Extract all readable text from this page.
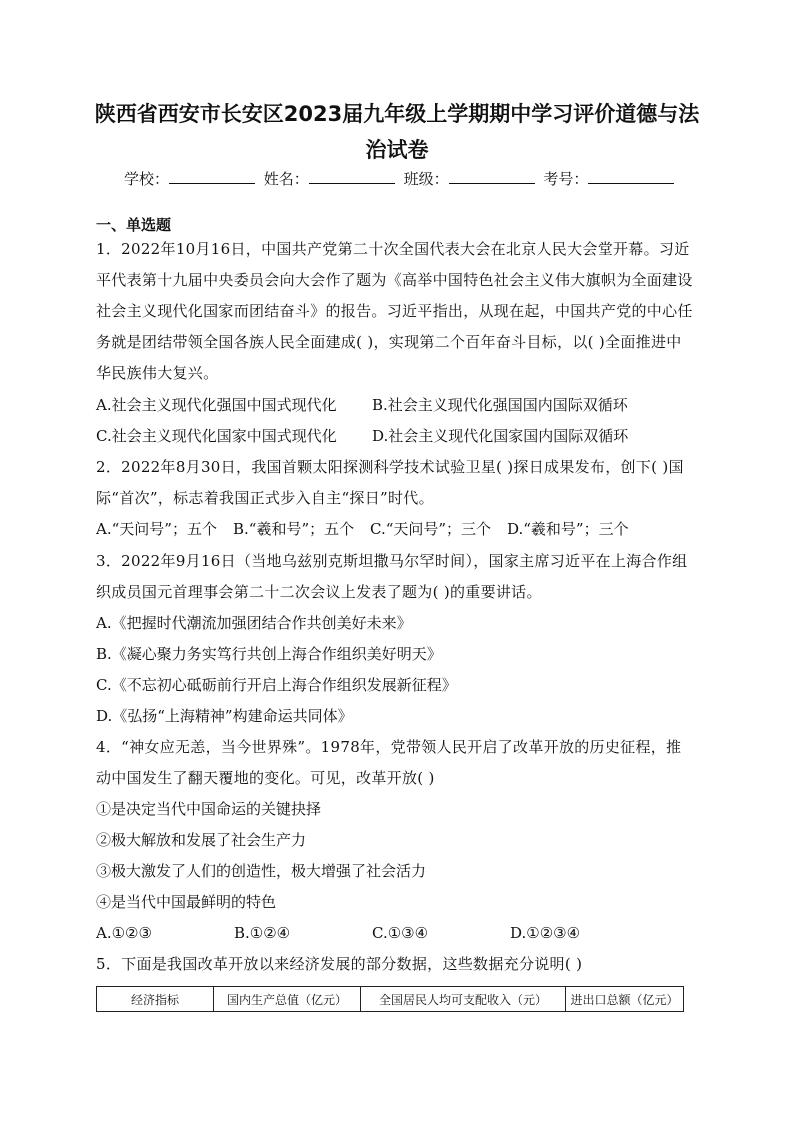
陕西省西安市长安区2023届九年级上学期期中学习评价道德与法治试卷
学校：	姓名：	班级：	考号：
一、单选题

1．2022年10月16日，中国共产党第二十次全国代表大会在北京人民大会堂开幕。习近平代表第十九届中央委员会向大会作了题为《高举中国特色社会主义伟大旗帜为全面建设社会主义现代化国家而团结奋斗》的报告。习近平指出，从现在起，中国共产党的中心任务就是团结带领全国各族人民全面建成( )，实现第二个百年奋斗目标，以( )全面推进中华民族伟大复兴。

A.社会主义现代化强国中国式现代化 B.社会主义现代化强国国内国际双循环
C.社会主义现代化国家中国式现代化 D.社会主义现代化国家国内国际双循环

2．2022年8月30日，我国首颗太阳探测科学技术试验卫星( )探日成果发布，创下( )国际“首次”，标志着我国正式步入自主“探日”时代。

A.“天问号”；五个 B.“羲和号”；五个 C.“天问号”；三个 D.“羲和号”；三个

3．2022年9月16日（当地乌兹别克斯坦撒马尔罕时间），国家主席习近平在上海合作组织成员国元首理事会第二十二次会议上发表了题为( )的重要讲话。

A.《把握时代潮流加强团结合作共创美好未来》
B.《凝心聚力务实笃行共创上海合作组织美好明天》
C.《不忘初心砥砺前行开启上海合作组织发展新征程》
D.《弘扬“上海精神”构建命运共同体》

4．“神女应无恙，当今世界殊”。1978年，党带领人民开启了改革开放的历史征程，推动中国发生了翻天覆地的变化。可见，改革开放( )

①是决定当代中国命运的关键抉择
②极大解放和发展了社会生产力
③极大激发了人们的创造性，极大增强了社会活力
④是当代中国最鲜明的特色
A.①②③	B.①②④	C.①③④	D.①②③④

5．下面是我国改革开放以来经济发展的部分数据，这些数据充分说明( )

经济指标	国内生产总值（亿元）	全国居民人均可支配收入（元）	进出口总额（亿元）
